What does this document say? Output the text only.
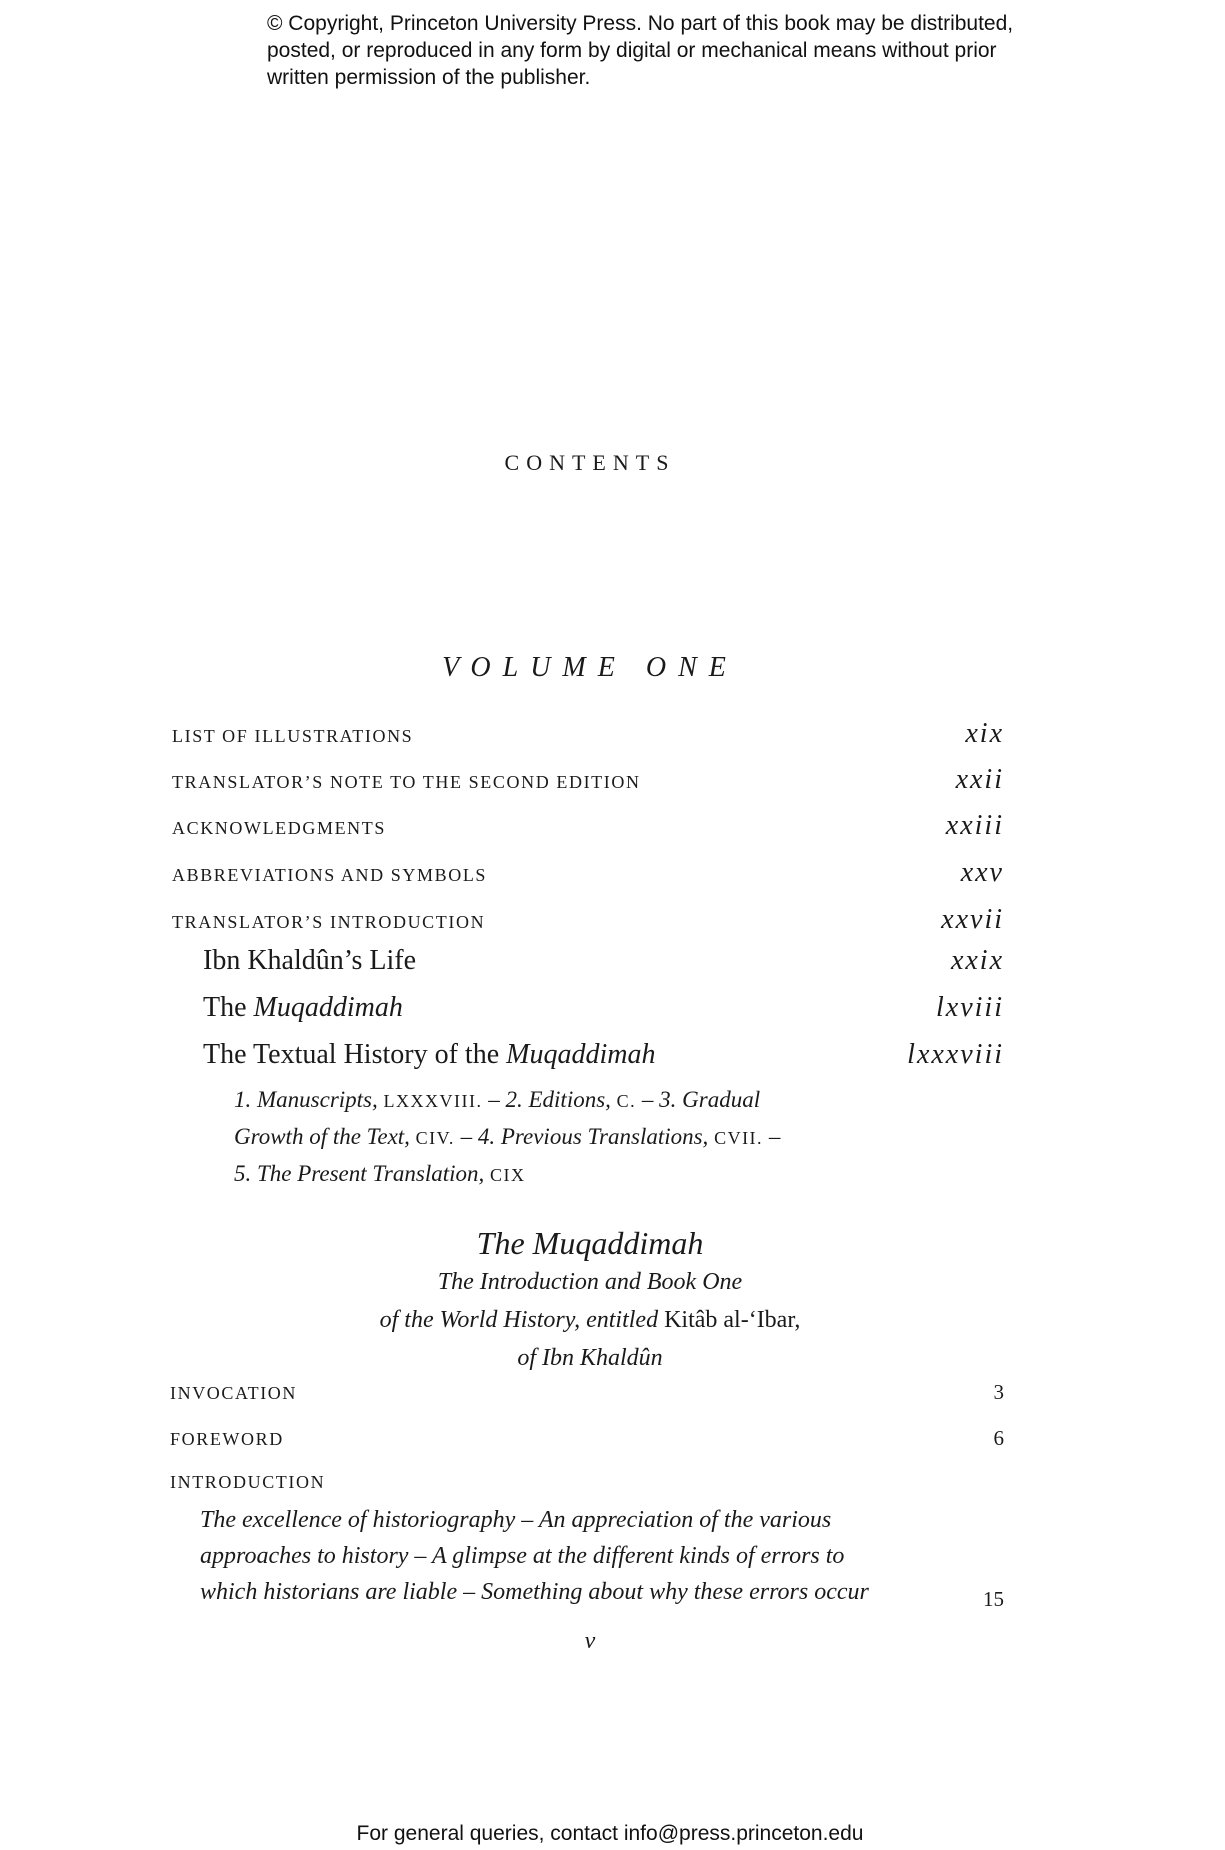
© Copyright, Princeton University Press. No part of this book may be distributed, posted, or reproduced in any form by digital or mechanical means without prior written permission of the publisher.
CONTENTS
VOLUME ONE
LIST OF ILLUSTRATIONS	xix
TRANSLATOR’S NOTE TO THE SECOND EDITION	xxii
ACKNOWLEDGMENTS	xxiii
ABBREVIATIONS AND SYMBOLS	xxv
TRANSLATOR’S INTRODUCTION	xxvii
Ibn Khaldûn’s Life	xxix
The Muqaddimah	lxviii
The Textual History of the Muqaddimah	lxxxviii
1. Manuscripts, LXXXVIII. – 2. Editions, C. – 3. Gradual
Growth of the Text, CIV. – 4. Previous Translations, CVII. –
5. The Present Translation, CIX
The Muqaddimah
The Introduction and Book One
of the World History, entitled Kitâb al-‘Ibar,
of Ibn Khaldûn
INVOCATION	3
FOREWORD	6
INTRODUCTION
The excellence of historiography – An appreciation of the various
approaches to history – A glimpse at the different kinds of errors to
which historians are liable – Something about why these errors occur	15
v
For general queries, contact info@press.princeton.edu
